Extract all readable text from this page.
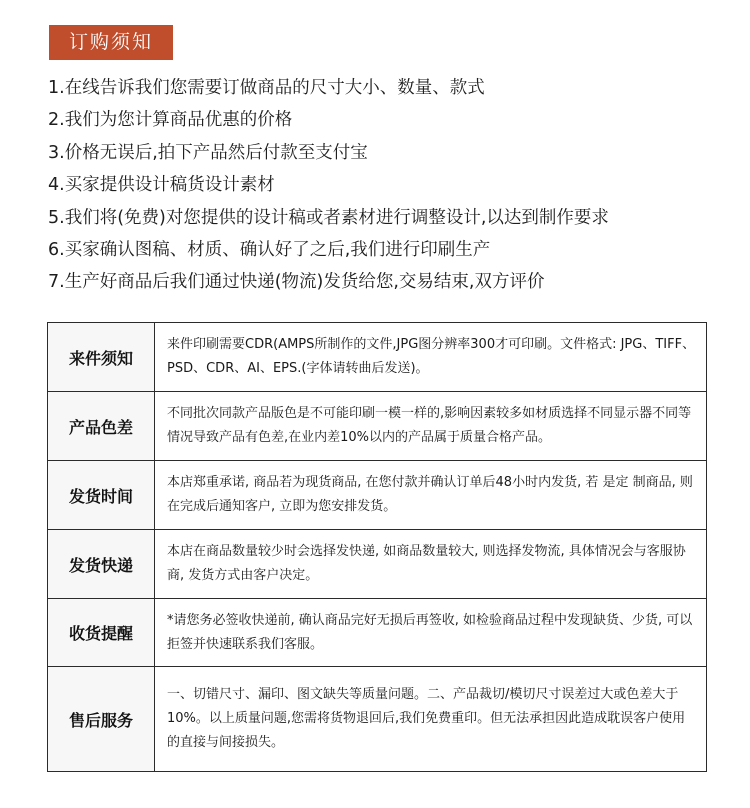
订购须知
1.在线告诉我们您需要订做商品的尺寸大小、数量、款式
2.我们为您计算商品优惠的价格
3.价格无误后,拍下产品然后付款至支付宝
4.买家提供设计稿货设计素材
5.我们将(免费)对您提供的设计稿或者素材进行调整设计,以达到制作要求
6.买家确认图稿、材质、确认好了之后,我们进行印刷生产
7.生产好商品后我们通过快递(物流)发货给您,交易结束,双方评价
来件须知	来件印刷需要CDR(AMPS所制作的文件,JPG图分辨率300才可印刷。文件格式: JPG、TIFF、PSD、CDR、AI、EPS.(字体请转曲后发送)。
产品色差	不同批次同款产品版色是不可能印刷一模一样的,影响因素较多如材质选择不同显示器不同等情况导致产品有色差,在业内差10%以内的产品属于质量合格产品。
发货时间	本店郑重承诺, 商品若为现货商品, 在您付款并确认订单后48小时内发货, 若 是定 制商品, 则在完成后通知客户, 立即为您安排发货。
发货快递	本店在商品数量较少时会选择发快递, 如商品数量较大, 则选择发物流, 具体情况会与客服协商, 发货方式由客户决定。
收货提醒	*请您务必签收快递前, 确认商品完好无损后再签收, 如检验商品过程中发现缺货、少货, 可以拒签并快速联系我们客服。
售后服务	一、切错尺寸、漏印、图文缺失等质量问题。二、产品裁切/模切尺寸误差过大或色差大于10%。以上质量问题,您需将货物退回后,我们免费重印。但无法承担因此造成耽误客户使用的直接与间接损失。
